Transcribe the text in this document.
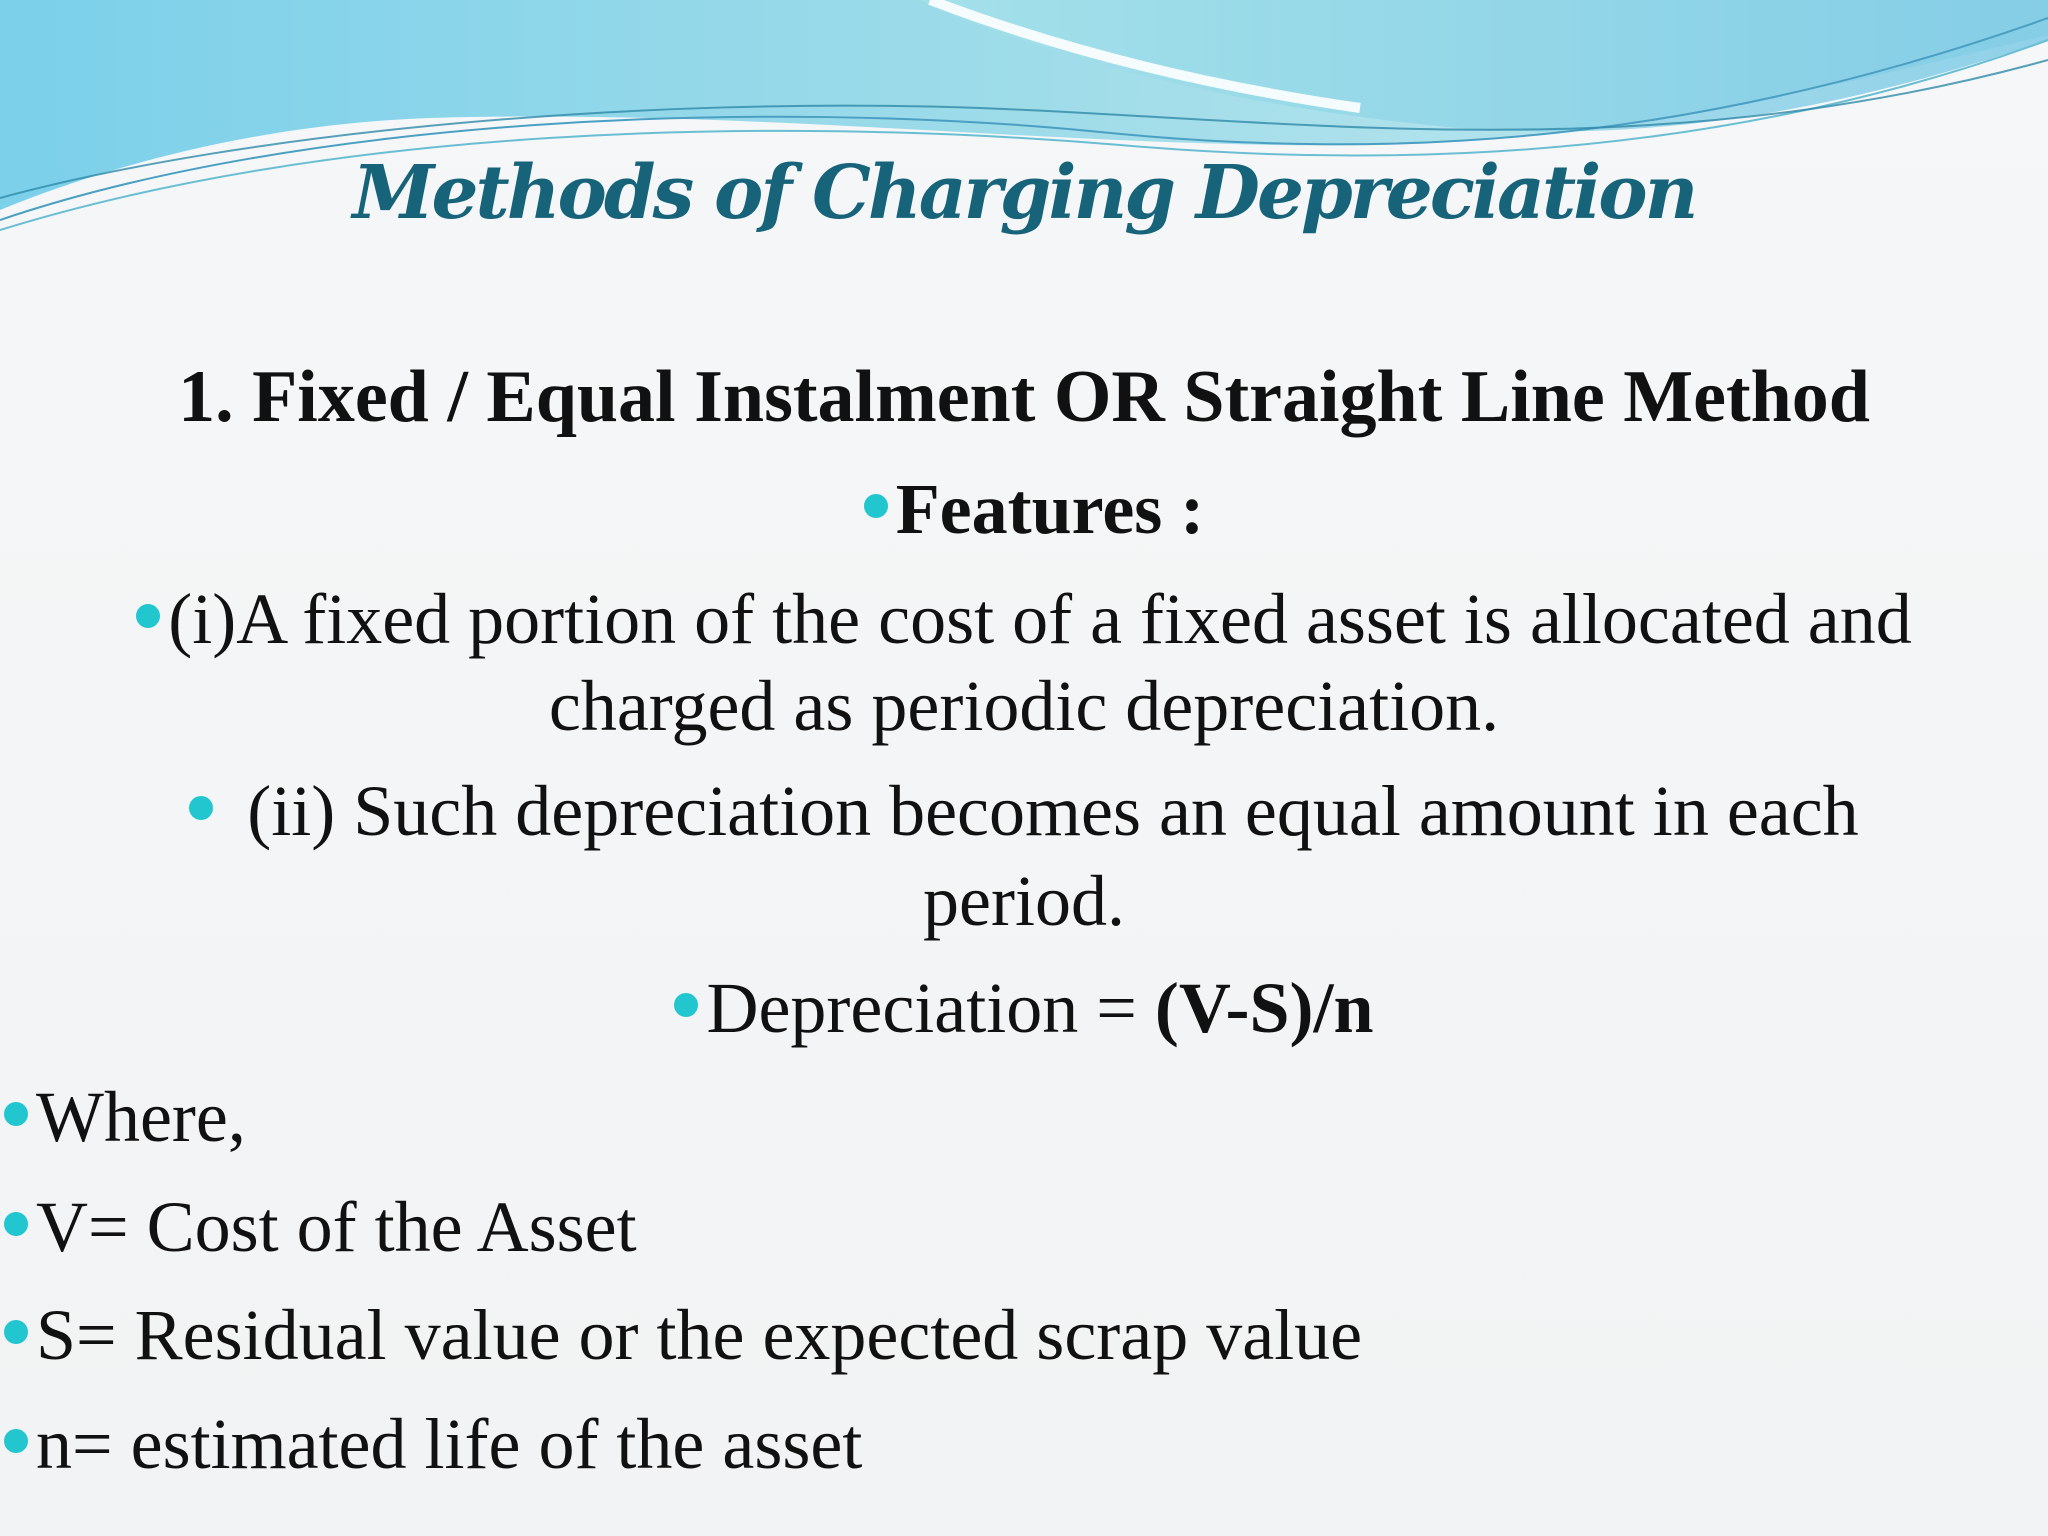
Methods of Charging Depreciation
1. Fixed / Equal Instalment OR Straight Line Method
Features :
(i)A fixed portion of the cost of a fixed asset is allocated and
charged as periodic depreciation.
(ii) Such depreciation becomes an equal amount in each
period.
Depreciation = (V-S)/n
Where,
V= Cost of the Asset
S= Residual value or the expected scrap value
n= estimated life of the asset
